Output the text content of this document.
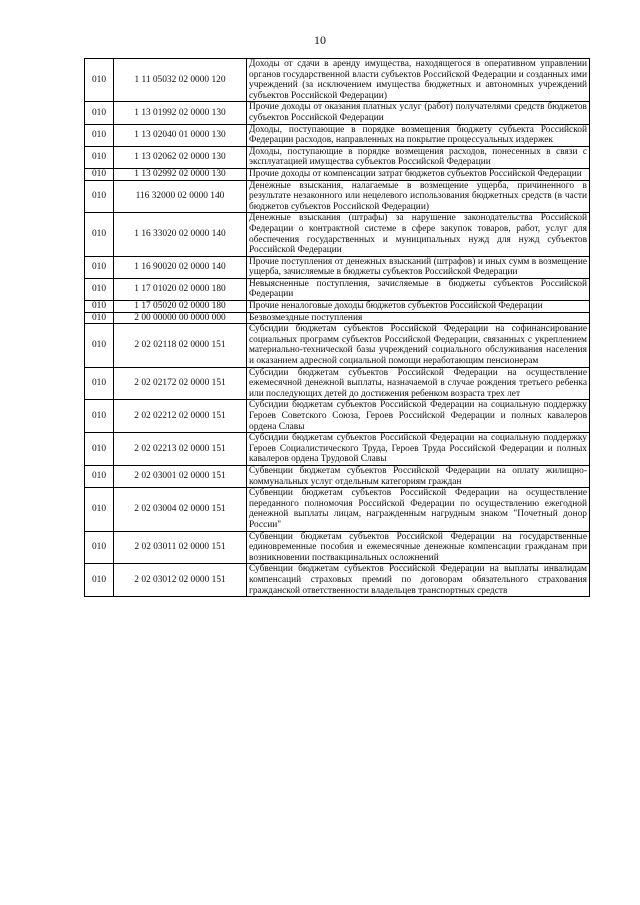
10
010	1 11 05032 02 0000 120	Доходы от сдачи в аренду имущества, находящегося в оперативном управлении органов государственной власти субъектов Российской Федерации и созданных ими учреждений (за исключением имущества бюджетных и автономных учреждений субъектов Российской Федерации)
010	1 13 01992 02 0000 130	Прочие доходы от оказания платных услуг (работ) получателями средств бюджетов субъектов Российской Федерации
010	1 13 02040 01 0000 130	Доходы, поступающие в порядке возмещения бюджету субъекта Российской Федерации расходов, направленных на покрытие процессуальных издержек
010	1 13 02062 02 0000 130	Доходы, поступающие в порядке возмещения расходов, понесенных в связи с эксплуатацией имущества субъектов Российской Федерации
010	1 13 02992 02 0000 130	Прочие доходы от компенсации затрат бюджетов субъектов Российской Федерации
010	116 32000 02 0000 140	Денежные взыскания, налагаемые в возмещение ущерба, причиненного в результате незаконного или нецелевого использования бюджетных средств (в части бюджетов субъектов Российской Федерации)
010	1 16 33020 02 0000 140	Денежные взыскания (штрафы) за нарушение законодательства Российской Федерации о контрактной системе в сфере закупок товаров, работ, услуг для обеспечения государственных и муниципальных нужд для нужд субъектов Российской Федерации
010	1 16 90020 02 0000 140	Прочие поступления от денежных взысканий (штрафов) и иных сумм в возмещение ущерба, зачисляемые в бюджеты субъектов Российской Федерации
010	1 17 01020 02 0000 180	Невыясненные поступления, зачисляемые в бюджеты субъектов Российской Федерации
010	1 17 05020 02 0000 180	Прочие неналоговые доходы бюджетов субъектов Российской Федерации
010	2 00 00000 00 0000 000	Безвозмездные поступления
010	2 02 02118 02 0000 151	Субсидии бюджетам субъектов Российской Федерации на софинансирование социальных программ субъектов Российской Федерации, связанных с укреплением материально-технической базы учреждений социального обслуживания населения и оказанием адресной социальной помощи неработающим пенсионерам
010	2 02 02172 02 0000 151	Субсидии бюджетам субъектов Российской Федерации на осуществление ежемесячной денежной выплаты, назначаемой в случае рождения третьего ребенка или последующих детей до достижения ребенком возраста трех лет
010	2 02 02212 02 0000 151	Субсидии бюджетам субъектов Российской Федерации на социальную поддержку Героев Советского Союза, Героев Российской Федерации и полных кавалеров ордена Славы
010	2 02 02213 02 0000 151	Субсидии бюджетам субъектов Российской Федерации на социальную поддержку Героев Социалистического Труда, Героев Труда Российской Федерации и полных кавалеров ордена Трудовой Славы
010	2 02 03001 02 0000 151	Субвенции бюджетам субъектов Российской Федерации на оплату жилищно-коммунальных услуг отдельным категориям граждан
010	2 02 03004 02 0000 151	Субвенции бюджетам субъектов Российской Федерации на осуществление переданного полномочия Российской Федерации по осуществлению ежегодной денежной выплаты лицам, награжденным нагрудным знаком "Почетный донор России"
010	2 02 03011 02 0000 151	Субвенции бюджетам субъектов Российской Федерации на государственные единовременные пособия и ежемесячные денежные компенсации гражданам при возникновении поствакцинальных осложнений
010	2 02 03012 02 0000 151	Субвенции бюджетам субъектов Российской Федерации на выплаты инвалидам компенсаций страховых премий по договорам обязательного страхования гражданской ответственности владельцев транспортных средств
